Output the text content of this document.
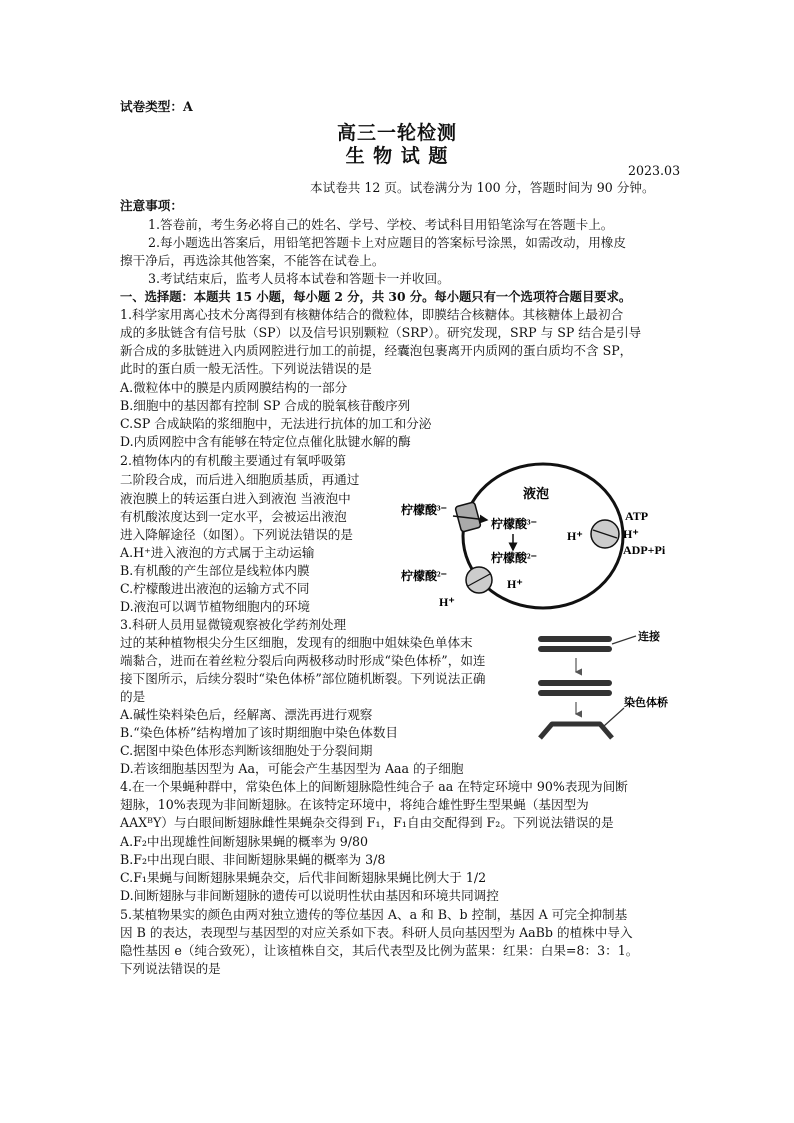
试卷类型：A
高三一轮检测
生 物 试 题
2023.03
本试卷共 12 页。试卷满分为 100 分，答题时间为 90 分钟。
注意事项：
1.答卷前，考生务必将自己的姓名、学号、学校、考试科目用铅笔涂写在答题卡上。
2.每小题选出答案后，用铅笔把答题卡上对应题目的答案标号涂黑，如需改动，用橡皮
擦干净后，再选涂其他答案，不能答在试卷上。
3.考试结束后，监考人员将本试卷和答题卡一并收回。
一、选择题：本题共 15 小题，每小题 2 分，共 30 分。每小题只有一个选项符合题目要求。
1.科学家用离心技术分离得到有核糖体结合的微粒体，即膜结合核糖体。其核糖体上最初合
成的多肽链含有信号肽（SP）以及信号识别颗粒（SRP）。研究发现，SRP 与 SP 结合是引导
新合成的多肽链进入内质网腔进行加工的前提，经囊泡包裹离开内质网的蛋白质均不含 SP，
此时的蛋白质一般无活性。下列说法错误的是
A.微粒体中的膜是内质网膜结构的一部分
B.细胞中的基因都有控制 SP 合成的脱氧核苷酸序列
C.SP 合成缺陷的浆细胞中，无法进行抗体的加工和分泌
D.内质网腔中含有能够在特定位点催化肽键水解的酶
2.植物体内的有机酸主要通过有氧呼吸第
二阶段合成，而后进入细胞质基质，再通过
液泡膜上的转运蛋白进入到液泡 当液泡中
有机酸浓度达到一定水平，会被运出液泡
进入降解途径（如图）。下列说法错误的是
A.H⁺进入液泡的方式属于主动运输
B.有机酸的产生部位是线粒体内膜
C.柠檬酸进出液泡的运输方式不同
D.液泡可以调节植物细胞内的环境
液泡
柠檬酸³⁻
柠檬酸³⁻
柠檬酸²⁻
H⁺
ATP
H⁺
ADP+Pi
柠檬酸²⁻
H⁺
H⁺
3.科研人员用显微镜观察被化学药剂处理
过的某种植物根尖分生区细胞，发现有的细胞中姐妹染色单体末
端黏合，进而在着丝粒分裂后向两极移动时形成“染色体桥”，如连
接下图所示，后续分裂时“染色体桥”部位随机断裂。下列说法正确
的是
A.碱性染料染色后，经解离、漂洗再进行观察
B.“染色体桥”结构增加了该时期细胞中染色体数目
C.据图中染色体形态判断该细胞处于分裂间期
D.若该细胞基因型为 Aa，可能会产生基因型为 Aaa 的子细胞
连接
染色体桥
4.在一个果蝇种群中，常染色体上的间断翅脉隐性纯合子 aa 在特定环境中 90%表现为间断
翅脉，10%表现为非间断翅脉。在该特定环境中，将纯合雄性野生型果蝇（基因型为
AAXᴮY）与白眼间断翅脉雌性果蝇杂交得到 F₁，F₁自由交配得到 F₂。下列说法错误的是
A.F₂中出现雄性间断翅脉果蝇的概率为 9/80
B.F₂中出现白眼、非间断翅脉果蝇的概率为 3/8
C.F₁果蝇与间断翅脉果蝇杂交，后代非间断翅脉果蝇比例大于 1/2
D.间断翅脉与非间断翅脉的遗传可以说明性状由基因和环境共同调控
5.某植物果实的颜色由两对独立遗传的等位基因 A、a 和 B、b 控制，基因 A 可完全抑制基
因 B 的表达，表现型与基因型的对应关系如下表。科研人员向基因型为 AaBb 的植株中导入
隐性基因 e（纯合致死），让该植株自交，其后代表型及比例为蓝果：红果：白果=8：3：1。
下列说法错误的是
